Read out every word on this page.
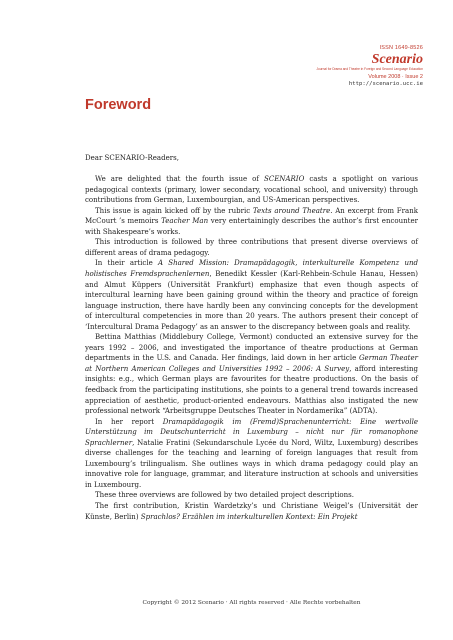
ISSN 1649-8526
Scenario
Journal for Drama and Theatre in Foreign and Second Language Education
Volume 2008 · Issue 2
http://scenario.ucc.ie
Foreword

Dear SCENARIO-Readers,

We are delighted that the fourth issue of SCENARIO casts a spotlight on various pedagogical contexts (primary, lower secondary, vocational school, and university) through contributions from German, Luxembourgian, and US-American perspectives.

This issue is again kicked off by the rubric Texts around Theatre. An excerpt from Frank McCourt ’s memoirs Teacher Man very entertainingly describes the author’s first encounter with Shakespeare’s works.

This introduction is followed by three contributions that present diverse overviews of different areas of drama pedagogy.

In their article A Shared Mission: Dramapädagogik, interkulturelle Kompetenz und holistisches Fremdsprachenlernen, Benedikt Kessler (Karl-Rehbein-Schule Hanau, Hessen) and Almut Küppers (Universität Frankfurt) emphasize that even though aspects of intercultural learning have been gaining ground within the theory and practice of foreign language instruction, there have hardly been any convincing concepts for the development of intercultural competencies in more than 20 years. The authors present their concept of ‘Intercultural Drama Pedagogy’ as an answer to the discrepancy between goals and reality.

Bettina Matthias (Middlebury College, Vermont) conducted an extensive survey for the years 1992 – 2006, and investigated the importance of theatre productions at German departments in the U.S. and Canada. Her findings, laid down in her article German Theater at Northern American Colleges and Universities 1992 – 2006: A Survey, afford interesting insights: e.g., which German plays are favourites for theatre productions. On the basis of feedback from the participating institutions, she points to a general trend towards increased appreciation of aesthetic, product-oriented endeavours. Matthias also instigated the new professional network “Arbeitsgruppe Deutsches Theater in Nordamerika” (ADTA).

In her report Dramapädagogik im (Fremd)Sprachenunterricht: Eine wertvolle Unterstützung im Deutschunterricht in Luxemburg – nicht nur für romanophone Sprachlerner, Natalie Fratini (Sekundarschule Lycée du Nord, Wiltz, Luxemburg) describes diverse challenges for the teaching and learning of foreign languages that result from Luxembourg’s trilingualism. She outlines ways in which drama pedagogy could play an innovative role for language, grammar, and literature instruction at schools and universities in Luxembourg.

These three overviews are followed by two detailed project descriptions.

The first contribution, Kristin Wardetzky’s und Christiane Weigel’s (Universität der Künste, Berlin) Sprachlos? Erzählen im interkulturellen Kontext: Ein Projekt

Copyright © 2012 Scenario · All rights reserved · Alle Rechte vorbehalten
